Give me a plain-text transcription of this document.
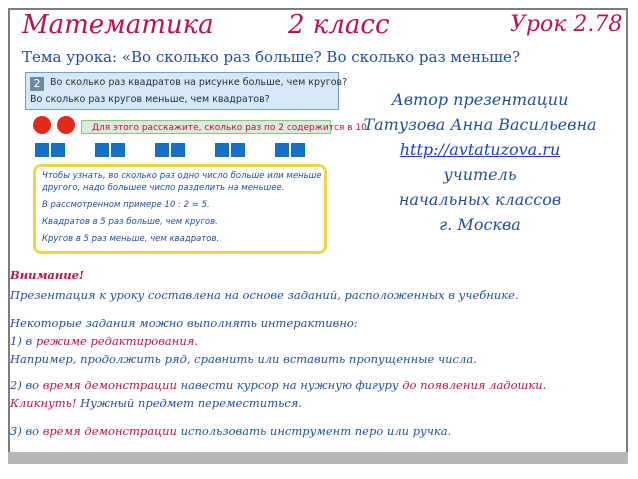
Математика	2 класс	Урок 2.78
Тема урока: «Во сколько раз больше? Во сколько раз меньше?
2	Во сколько раз квадратов на рисунке больше, чем кругов?
Во сколько раз кругов меньше, чем квадратов?
Для этого расскажите, сколько раз по 2 содержится в 10.
Чтобы узнать, во сколько раз одно число больше или меньше
другого, надо большее число разделить на меньшее.
В рассмотренном примере 10 : 2 = 5.
Квадратов в 5 раз больше, чем кругов.
Кругов в 5 раз меньше, чем квадратов.
Автор презентации
Татузова Анна Васильевна
http://avtatuzova.ru
учитель
начальных классов
г. Москва
Внимание!
Презентация к уроку составлена на основе заданий, расположенных в учебнике.
Некоторые задания можно выполнять интерактивно:
1) в режиме редактирования.
Например, продолжить ряд, сравнить или вставить пропущенные числа.
2) во время демонстрации навести курсор на нужную фигуру до появления ладошки.
Кликнуть! Нужный предмет переместиться.
3) во время демонстрации использовать инструмент перо или ручка.
